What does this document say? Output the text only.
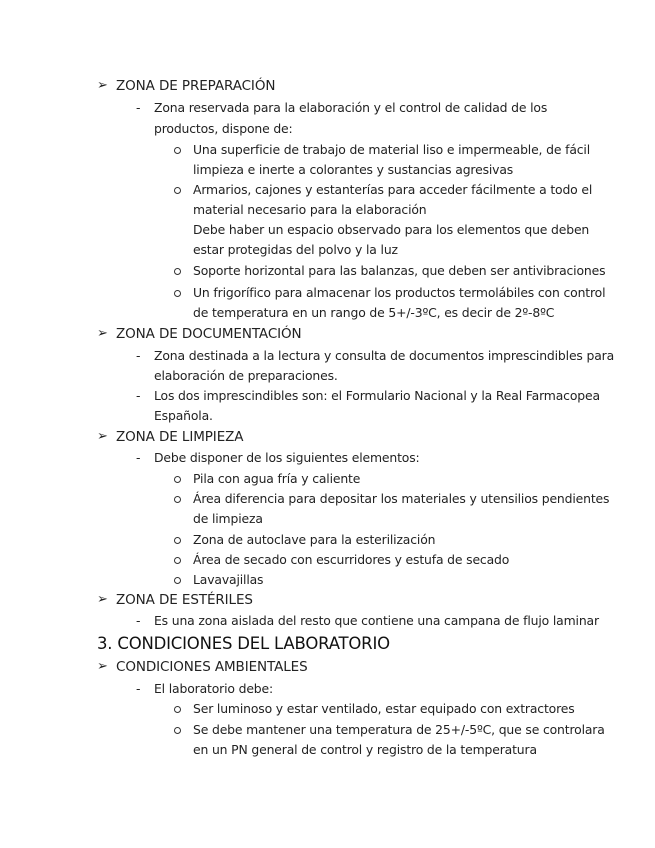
➢
-
➢
-
-
➢
-
➢
-
➢
-
ZONA DE PREPARACIÓN
Zona reservada para la elaboración y el control de calidad de los
productos, dispone de:
Una superficie de trabajo de material liso e impermeable, de fácil
limpieza e inerte a colorantes y sustancias agresivas
Armarios, cajones y estanterías para acceder fácilmente a todo el
material necesario para la elaboración
Debe haber un espacio observado para los elementos que deben
estar protegidas del polvo y la luz
Soporte horizontal para las balanzas, que deben ser antivibraciones
Un frigorífico para almacenar los productos termolábiles con control
de temperatura en un rango de 5+/-3ºC, es decir de 2º-8ºC
ZONA DE DOCUMENTACIÓN
Zona destinada a la lectura y consulta de documentos imprescindibles para
elaboración de preparaciones.
Los dos imprescindibles son: el Formulario Nacional y la Real Farmacopea
Española.
ZONA DE LIMPIEZA
Debe disponer de los siguientes elementos:
Pila con agua fría y caliente
Área diferencia para depositar los materiales y utensilios pendientes
de limpieza
Zona de autoclave para la esterilización
Área de secado con escurridores y estufa de secado
Lavavajillas
ZONA DE ESTÉRILES
Es una zona aislada del resto que contiene una campana de flujo laminar
3. CONDICIONES DEL LABORATORIO
CONDICIONES AMBIENTALES
El laboratorio debe:
Ser luminoso y estar ventilado, estar equipado con extractores
Se debe mantener una temperatura de 25+/-5ºC, que se controlara
en un PN general de control y registro de la temperatura
